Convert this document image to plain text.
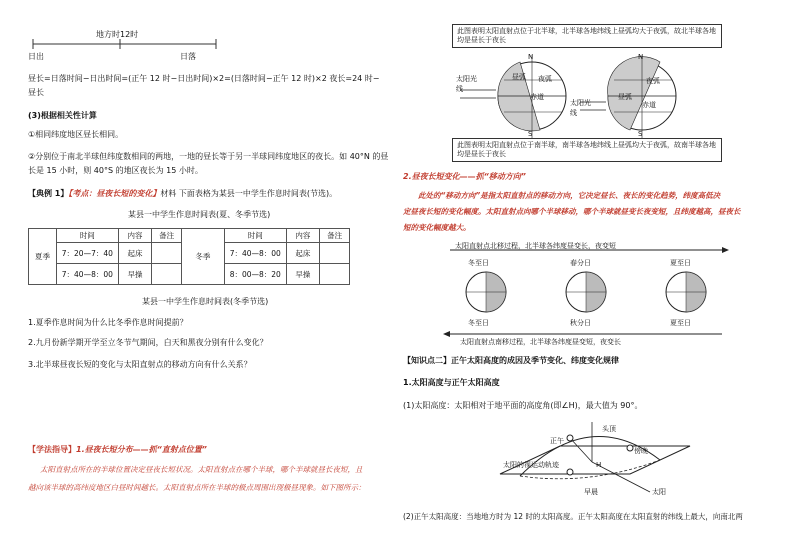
地方时12时
日出	日落
昼长=日落时间−日出时间=(正午 12 时−日出时间)×2=(日落时间−正午 12 时)×2 夜长=24 时−
昼长
(3)根据相关性计算
①相同纬度地区昼长相同。
②分别位于南北半球但纬度数相同的两地，一地的昼长等于另一半球同纬度地区的夜长。如 40°N 的昼
长是 15 小时，则 40°S 的地区夜长为 15 小时。
【典例 1】【考点：昼夜长短的变化】材料 下面表格为某县一中学生作息时间表(节选)。
某县一中学生作息时间表(夏、冬季节选)
夏季	时间	内容	备注	冬季	时间	内容	备注
	7：20—7：40	起床			7：40—8：00	起床	
	7：40—8：00	早操			8：00—8：20	早操	
某县一中学生作息时间表(冬季节选)
1.夏季作息时间为什么比冬季作息时间提前？
2.九月份新学期开学至立冬节气期间，白天和黑夜分别有什么变化？
3.北半球昼夜长短的变化与太阳直射点的移动方向有什么关系？
【学法指导】1.昼夜长短分布——抓“直射点位置”
太阳直射点所在的半球位置决定昼夜长短状况。太阳直射点在哪个半球，哪个半球就昼长夜短，且
越向该半球的高纬度地区白昼时间越长。太阳直射点所在半球的极点周围出现极昼现象。如下图所示：
此图表明太阳直射点位于北半球，北半球各地纬线上昼弧均大于夜弧，故北半球各地均是昼长于夜长
N
S
N
S
昼弧 夜弧
赤道
太阳光线
昼弧
夜弧
赤道
太阳光线
此图表明太阳直射点位于南半球，南半球各地纬线上昼弧均大于夜弧，故南半球各地均是昼长于夜长
2.昼夜长短变化——抓“移动方向”
此处的“移动方向”是指太阳直射点的移动方向，它决定昼长、夜长的变化趋势，纬度高低决
定昼夜长短的变化幅度。太阳直射点向哪个半球移动，哪个半球就昼变长夜变短，且纬度越高，昼夜长
短的变化幅度越大。
太阳直射点北移过程，北半球各纬度昼变长，夜变短
冬至日	春分日	夏至日
冬至日	秋分日	夏至日
太阳直射点南移过程，北半球各纬度昼变短，夜变长
【知识点二】正午太阳高度的成因及季节变化、纬度变化规律
1.太阳高度与正午太阳高度
(1)太阳高度：太阳相对于地平面的高度角(即∠H)，最大值为 90°。
正午
头顶
傍晚
太阳的视运动轨迹	H
早晨	太阳
(2)正午太阳高度：当地地方时为 12 时的太阳高度。正午太阳高度在太阳直射的纬线上最大，向南北两
